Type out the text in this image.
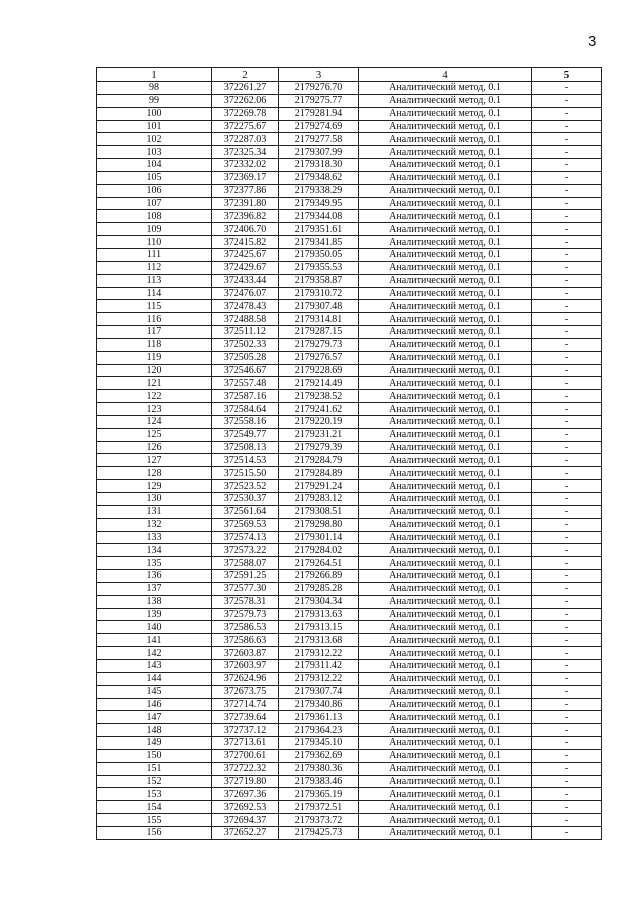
3
1	2	3	4	5
98	372261.27	2179276.70	Аналитический метод, 0.1	-
99	372262.06	2179275.77	Аналитический метод, 0.1	-
100	372269.78	2179281.94	Аналитический метод, 0.1	-
101	372275.67	2179274.69	Аналитический метод, 0.1	-
102	372287.03	2179277.58	Аналитический метод, 0.1	-
103	372325.34	2179307.99	Аналитический метод, 0.1	-
104	372332.02	2179318.30	Аналитический метод, 0.1	-
105	372369.17	2179348.62	Аналитический метод, 0.1	-
106	372377.86	2179338.29	Аналитический метод, 0.1	-
107	372391.80	2179349.95	Аналитический метод, 0.1	-
108	372396.82	2179344.08	Аналитический метод, 0.1	-
109	372406.70	2179351.61	Аналитический метод, 0.1	-
110	372415.82	2179341.85	Аналитический метод, 0.1	-
111	372425.67	2179350.05	Аналитический метод, 0.1	-
112	372429.67	2179355.53	Аналитический метод, 0.1	-
113	372433.44	2179358.87	Аналитический метод, 0.1	-
114	372476.07	2179310.72	Аналитический метод, 0.1	-
115	372478.43	2179307.48	Аналитический метод, 0.1	-
116	372488.58	2179314.81	Аналитический метод, 0.1	-
117	372511.12	2179287.15	Аналитический метод, 0.1	-
118	372502.33	2179279.73	Аналитический метод, 0.1	-
119	372505.28	2179276.57	Аналитический метод, 0.1	-
120	372546.67	2179228.69	Аналитический метод, 0.1	-
121	372557.48	2179214.49	Аналитический метод, 0.1	-
122	372587.16	2179238.52	Аналитический метод, 0.1	-
123	372584.64	2179241.62	Аналитический метод, 0.1	-
124	372558.16	2179220.19	Аналитический метод, 0.1	-
125	372549.77	2179231.21	Аналитический метод, 0.1	-
126	372508.13	2179279.39	Аналитический метод, 0.1	-
127	372514.53	2179284.79	Аналитический метод, 0.1	-
128	372515.50	2179284.89	Аналитический метод, 0.1	-
129	372523.52	2179291.24	Аналитический метод, 0.1	-
130	372530.37	2179283.12	Аналитический метод, 0.1	-
131	372561.64	2179308.51	Аналитический метод, 0.1	-
132	372569.53	2179298.80	Аналитический метод, 0.1	-
133	372574.13	2179301.14	Аналитический метод, 0.1	-
134	372573.22	2179284.02	Аналитический метод, 0.1	-
135	372588.07	2179264.51	Аналитический метод, 0.1	-
136	372591.25	2179266.89	Аналитический метод, 0.1	-
137	372577.30	2179285.28	Аналитический метод, 0.1	-
138	372578.31	2179304.34	Аналитический метод, 0.1	-
139	372579.73	2179313.63	Аналитический метод, 0.1	-
140	372586.53	2179313.15	Аналитический метод, 0.1	-
141	372586.63	2179313.68	Аналитический метод, 0.1	-
142	372603.87	2179312.22	Аналитический метод, 0.1	-
143	372603.97	2179311.42	Аналитический метод, 0.1	-
144	372624.96	2179312.22	Аналитический метод, 0.1	-
145	372673.75	2179307.74	Аналитический метод, 0.1	-
146	372714.74	2179340.86	Аналитический метод, 0.1	-
147	372739.64	2179361.13	Аналитический метод, 0.1	-
148	372737.12	2179364.23	Аналитический метод, 0.1	-
149	372713.61	2179345.10	Аналитический метод, 0.1	-
150	372700.61	2179362.69	Аналитический метод, 0.1	-
151	372722.32	2179380.36	Аналитический метод, 0.1	-
152	372719.80	2179383.46	Аналитический метод, 0.1	-
153	372697.36	2179365.19	Аналитический метод, 0.1	-
154	372692.53	2179372.51	Аналитический метод, 0.1	-
155	372694.37	2179373.72	Аналитический метод, 0.1	-
156	372652.27	2179425.73	Аналитический метод, 0.1	-
